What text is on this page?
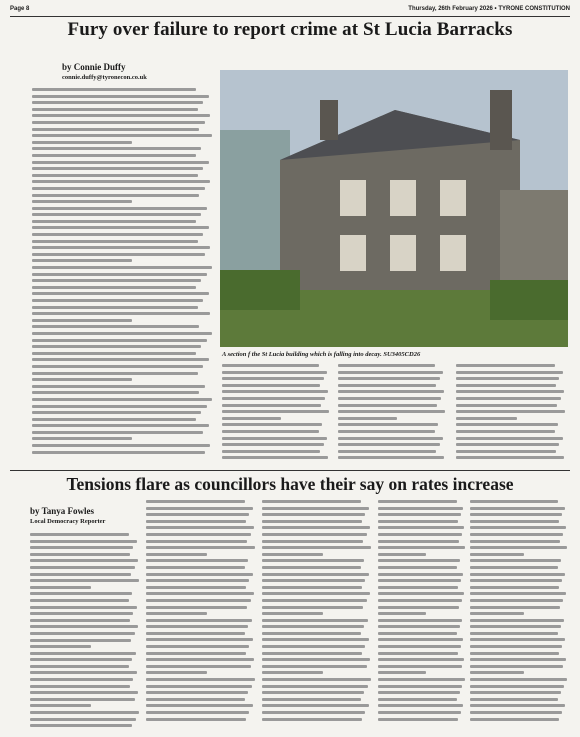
Page 8	Thursday, 26th February 2026 • TYRONE CONSTITUTION
Fury over failure to report crime at St Lucia Barracks
by Connie Duffy
connie.duffy@tyronecon.co.uk
A section f the St Lucia building which is falling into decay. SU3405CD26
Tensions flare as councillors have their say on rates increase
by Tanya Fowles
Local Democracy Reporter
